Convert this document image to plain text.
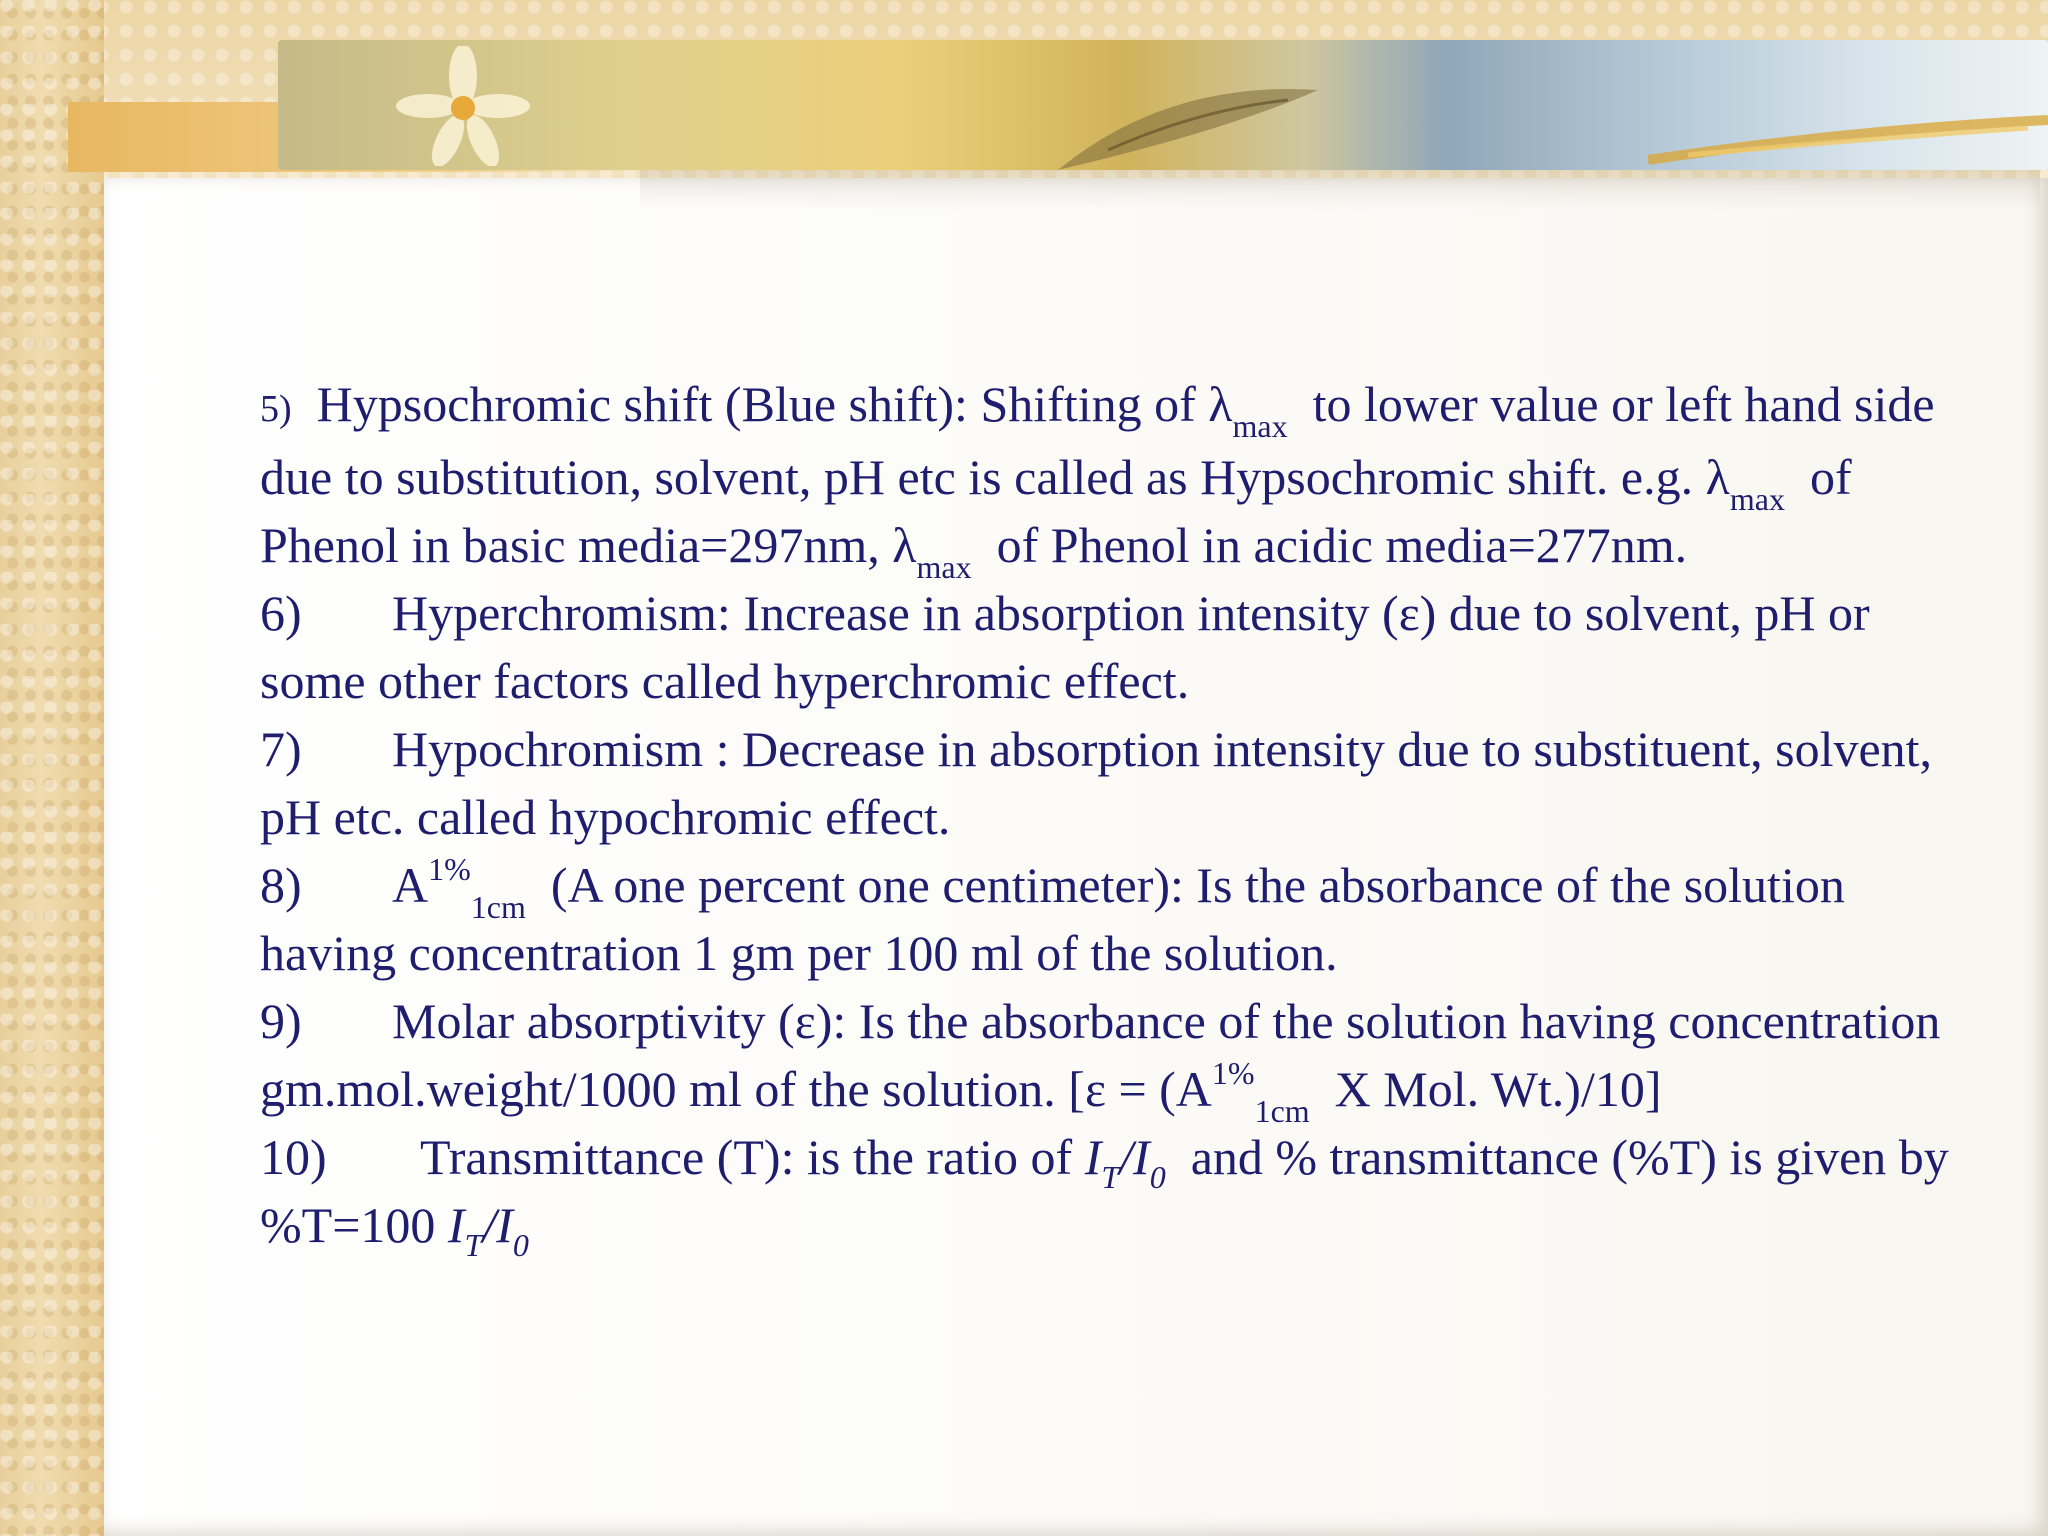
5) Hypsochromic shift (Blue shift): Shifting of $\lambda_{max}$ to lower value or left hand side due to substitution, solvent, pH etc is called as Hypsochromic shift. e.g. $\lambda_{max}$ of Phenol in basic media=297nm, $\lambda_{max}$ of Phenol in acidic media=277nm.

6) Hyperchromism: Increase in absorption intensity (ε) due to solvent, pH or some other factors called hyperchromic effect.

7) Hypochromism : Decrease in absorption intensity due to substituent, solvent, pH etc. called hypochromic effect.

8) $A^{1\%}_{1cm}$ (A one percent one centimeter): Is the absorbance of the solution having concentration 1 gm per 100 ml of the solution.

9) Molar absorptivity (ε): Is the absorbance of the solution having concentration gm.mol.weight/1000 ml of the solution. [$\varepsilon = (A^{1\%}_{1cm}$ X Mol. Wt.)/10]

10) Transmittance (T): is the ratio of $I_T/I_0$ and % transmittance (%T) is given by %T=100 $I_T/I_0$
